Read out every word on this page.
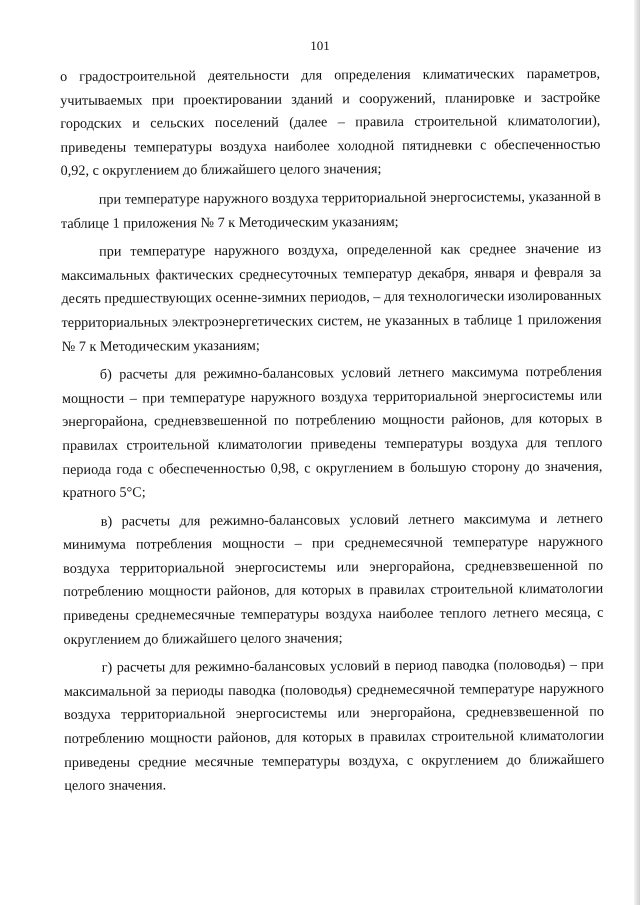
101

о градостроительной деятельности для определения климатических параметров, учитываемых при проектировании зданий и сооружений, планировке и застройке городских и сельских поселений (далее – правила строительной климатологии), приведены температуры воздуха наиболее холодной пятидневки с обеспеченностью 0,92, с округлением до ближайшего целого значения;

при температуре наружного воздуха территориальной энергосистемы, указанной в таблице 1 приложения № 7 к Методическим указаниям;

при температуре наружного воздуха, определенной как среднее значение из максимальных фактических среднесуточных температур декабря, января и февраля за десять предшествующих осенне-зимних периодов, – для технологически изолированных территориальных электроэнергетических систем, не указанных в таблице 1 приложения № 7 к Методическим указаниям;

б) расчеты для режимно-балансовых условий летнего максимума потребления мощности – при температуре наружного воздуха территориальной энергосистемы или энергорайона, средневзвешенной по потреблению мощности районов, для которых в правилах строительной климатологии приведены температуры воздуха для теплого периода года с обеспеченностью 0,98, с округлением в большую сторону до значения, кратного 5°С;

в) расчеты для режимно-балансовых условий летнего максимума и летнего минимума потребления мощности – при среднемесячной температуре наружного воздуха территориальной энергосистемы или энергорайона, средневзвешенной по потреблению мощности районов, для которых в правилах строительной климатологии приведены среднемесячные температуры воздуха наиболее теплого летнего месяца, с округлением до ближайшего целого значения;

г) расчеты для режимно-балансовых условий в период паводка (половодья) – при максимальной за периоды паводка (половодья) среднемесячной температуре наружного воздуха территориальной энергосистемы или энергорайона, средневзвешенной по потреблению мощности районов, для которых в правилах строительной климатологии приведены средние месячные температуры воздуха, с округлением до ближайшего целого значения.
